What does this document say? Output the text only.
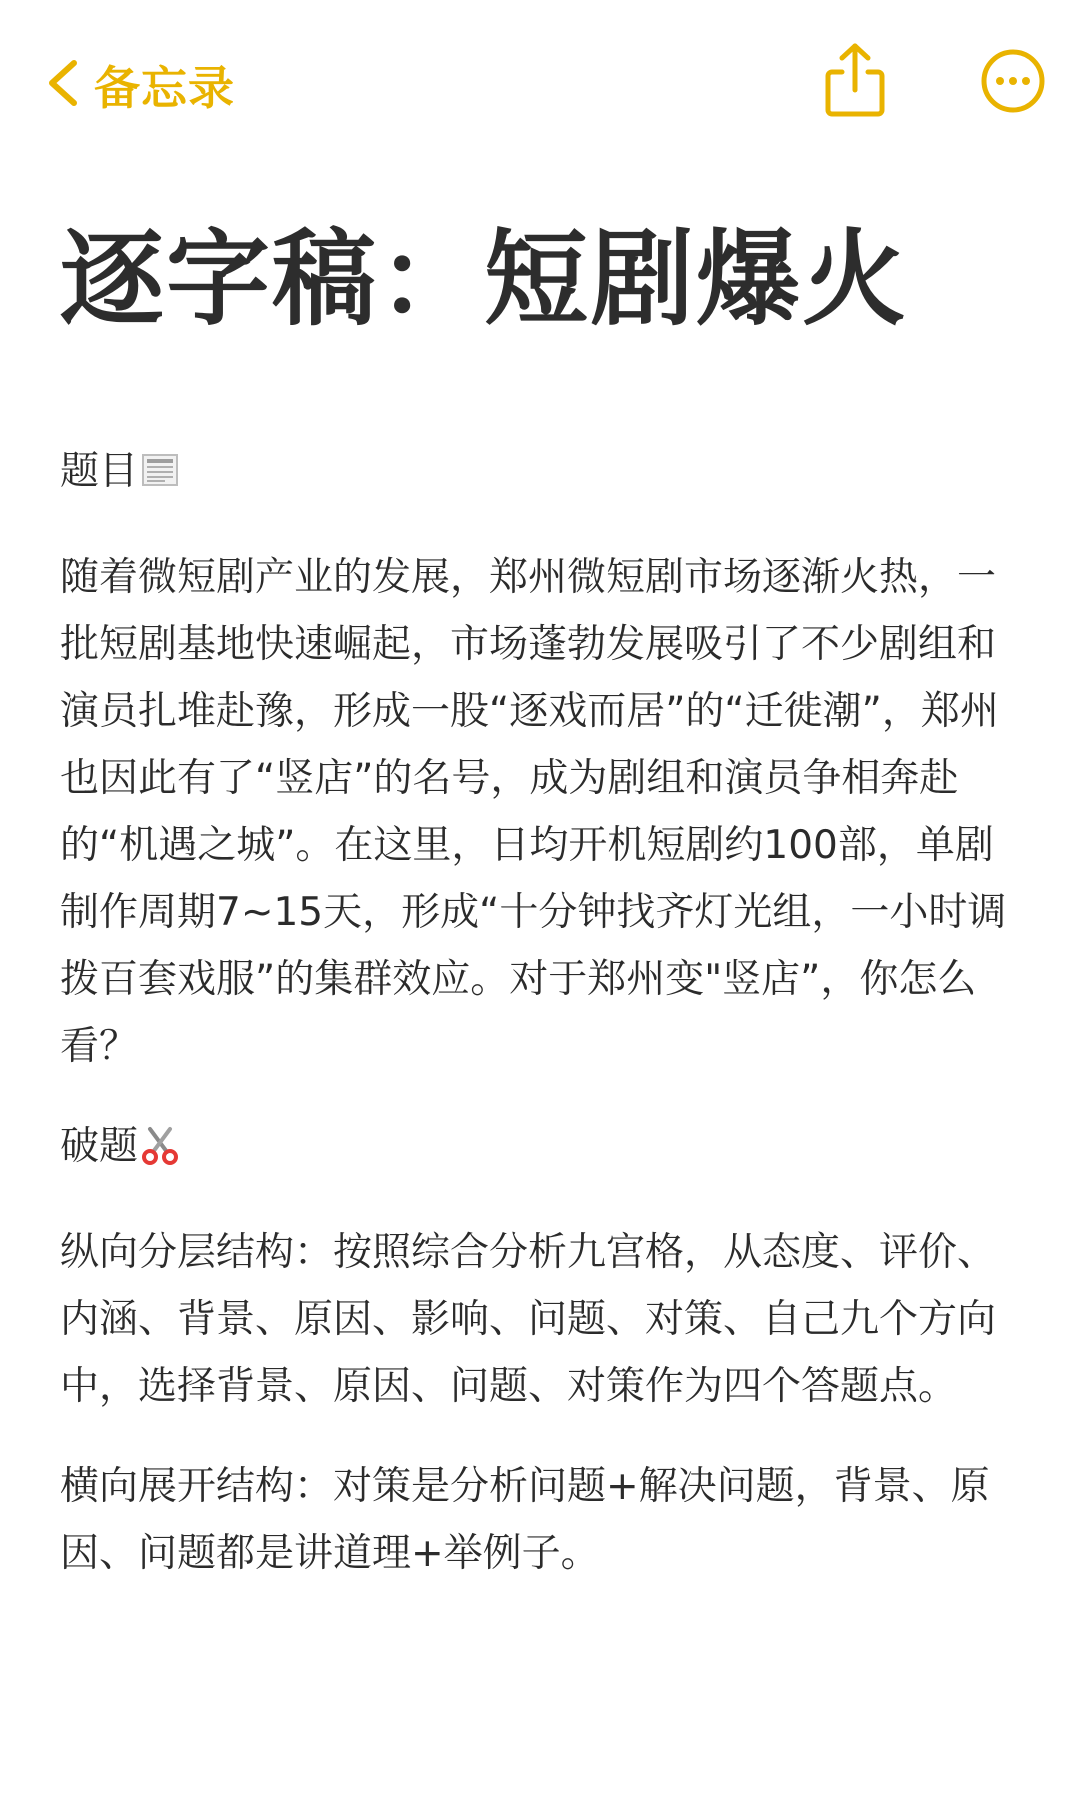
备忘录
逐字稿：短剧爆火

题目

随着微短剧产业的发展，郑州微短剧市场逐渐火热，一批短剧基地快速崛起，市场蓬勃发展吸引了不少剧组和演员扎堆赴豫，形成一股“逐戏而居”的“迁徙潮”，郑州也因此有了“竖店”的名号，成为剧组和演员争相奔赴的“机遇之城”。在这里，日均开机短剧约100部，单剧制作周期7~15天，形成“十分钟找齐灯光组，一小时调拨百套戏服”的集群效应。对于郑州变"竖店”，你怎么看？

破题

纵向分层结构：按照综合分析九宫格，从态度、评价、内涵、背景、原因、影响、问题、对策、自己九个方向中，选择背景、原因、问题、对策作为四个答题点。

横向展开结构：对策是分析问题+解决问题，背景、原因、问题都是讲道理+举例子。
